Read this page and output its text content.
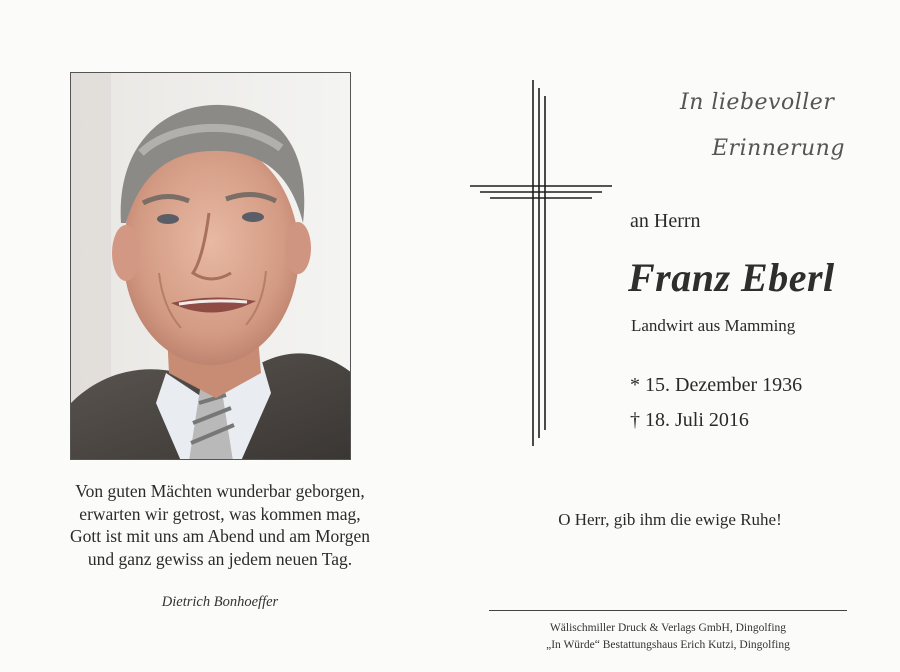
Von guten Mächten wunderbar geborgen,
erwarten wir getrost, was kommen mag,
Gott ist mit uns am Abend und am Morgen
und ganz gewiss an jedem neuen Tag.
Dietrich Bonhoeffer
In liebevoller
Erinnerung
an Herrn
Franz Eberl
Landwirt aus Mamming
* 15. Dezember 1936
† 18. Juli 2016
O Herr, gib ihm die ewige Ruhe!
Wälischmiller Druck & Verlags GmbH, Dingolfing
„In Würde“ Bestattungshaus Erich Kutzi, Dingolfing
